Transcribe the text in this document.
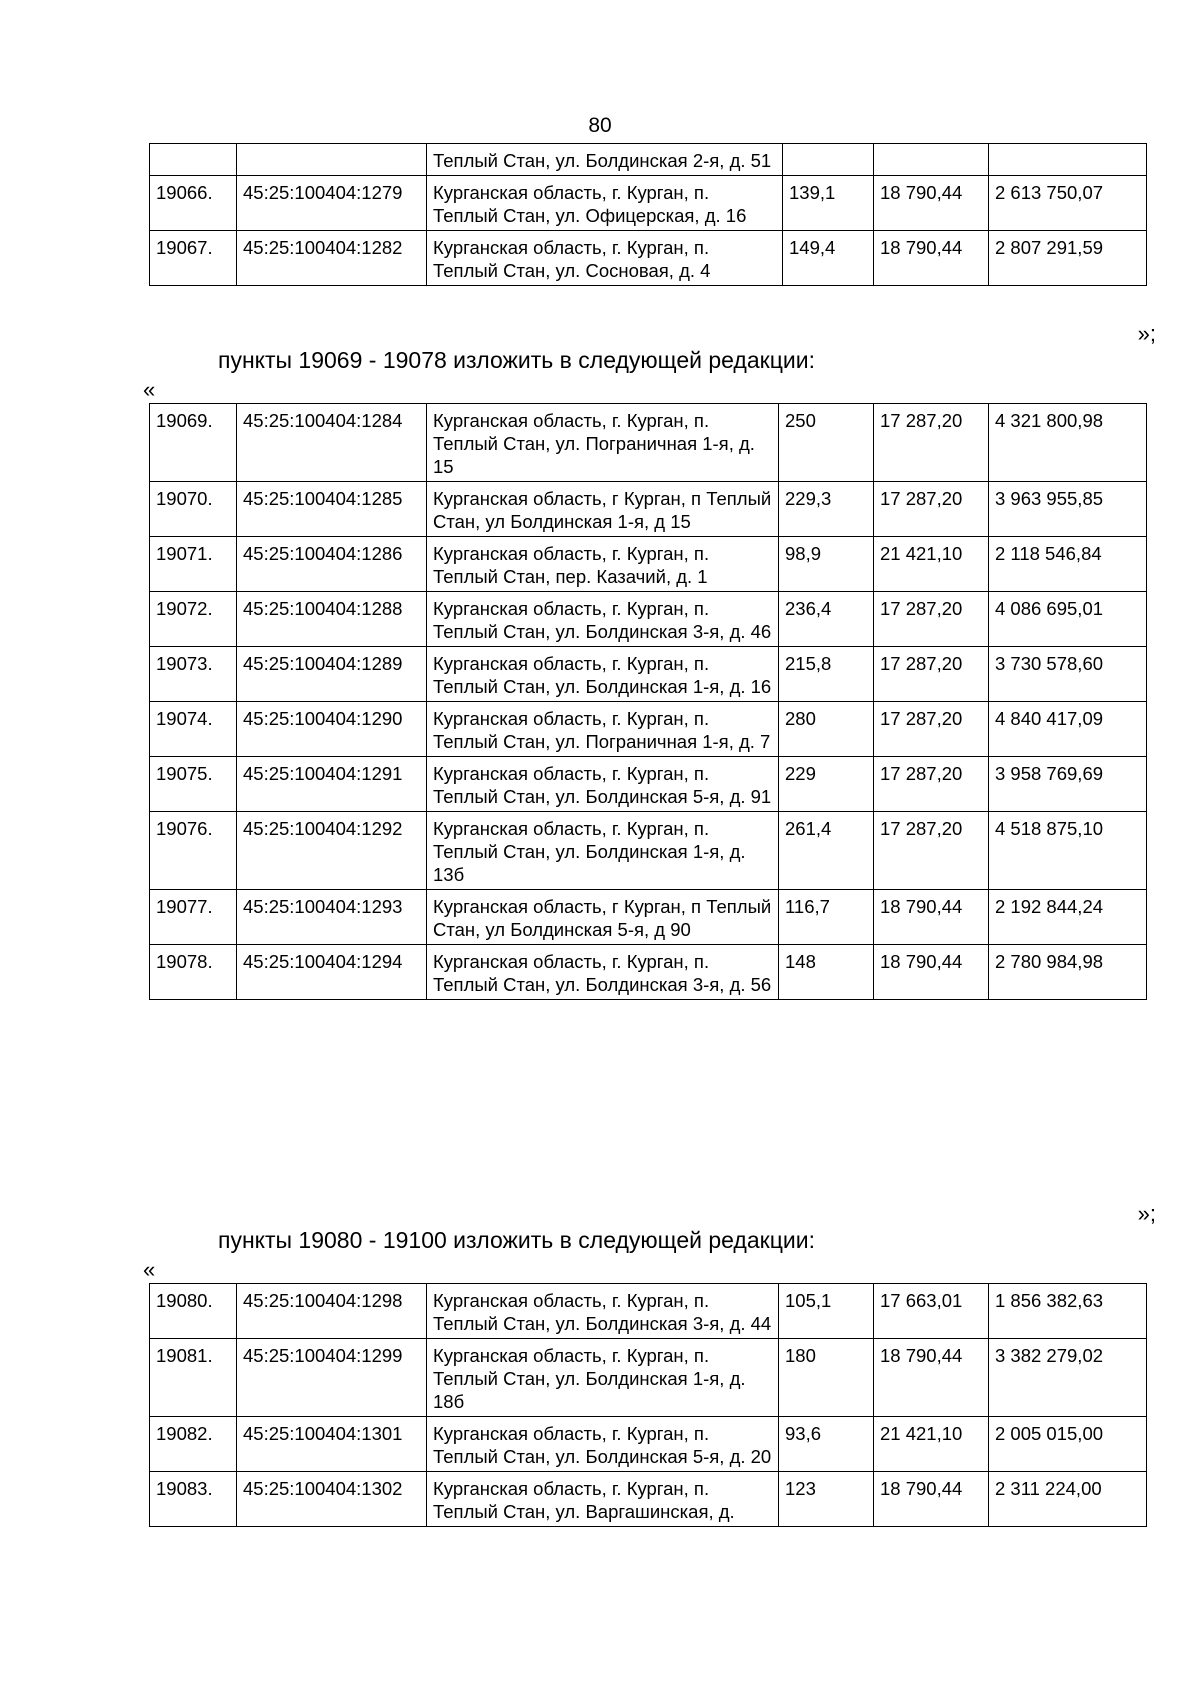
80
		Теплый Стан, ул. Болдинская 2-я, д. 51			
19066.	45:25:100404:1279	Курганская область, г. Курган, п. Теплый Стан, ул. Офицерская, д. 16	139,1	18 790,44	2 613 750,07
19067.	45:25:100404:1282	Курганская область, г. Курган, п. Теплый Стан, ул. Сосновая, д. 4	149,4	18 790,44	2 807 291,59
»;
пункты 19069 - 19078 изложить в следующей редакции:
«
19069.	45:25:100404:1284	Курганская область, г. Курган, п. Теплый Стан, ул. Пограничная 1-я, д. 15	250	17 287,20	4 321 800,98
19070.	45:25:100404:1285	Курганская область, г Курган, п Теплый Стан, ул Болдинская 1-я, д 15	229,3	17 287,20	3 963 955,85
19071.	45:25:100404:1286	Курганская область, г. Курган, п. Теплый Стан, пер. Казачий, д. 1	98,9	21 421,10	2 118 546,84
19072.	45:25:100404:1288	Курганская область, г. Курган, п. Теплый Стан, ул. Болдинская 3-я, д. 46	236,4	17 287,20	4 086 695,01
19073.	45:25:100404:1289	Курганская область, г. Курган, п. Теплый Стан, ул. Болдинская 1-я, д. 16	215,8	17 287,20	3 730 578,60
19074.	45:25:100404:1290	Курганская область, г. Курган, п. Теплый Стан, ул. Пограничная 1-я, д. 7	280	17 287,20	4 840 417,09
19075.	45:25:100404:1291	Курганская область, г. Курган, п. Теплый Стан, ул. Болдинская 5-я, д. 91	229	17 287,20	3 958 769,69
19076.	45:25:100404:1292	Курганская область, г. Курган, п. Теплый Стан, ул. Болдинская 1-я, д. 13б	261,4	17 287,20	4 518 875,10
19077.	45:25:100404:1293	Курганская область, г Курган, п Теплый Стан, ул Болдинская 5-я, д 90	116,7	18 790,44	2 192 844,24
19078.	45:25:100404:1294	Курганская область, г. Курган, п. Теплый Стан, ул. Болдинская 3-я, д. 56	148	18 790,44	2 780 984,98
»;
пункты 19080 - 19100 изложить в следующей редакции:
«
19080.	45:25:100404:1298	Курганская область, г. Курган, п. Теплый Стан, ул. Болдинская 3-я, д. 44	105,1	17 663,01	1 856 382,63
19081.	45:25:100404:1299	Курганская область, г. Курган, п. Теплый Стан, ул. Болдинская 1-я, д. 18б	180	18 790,44	3 382 279,02
19082.	45:25:100404:1301	Курганская область, г. Курган, п. Теплый Стан, ул. Болдинская 5-я, д. 20	93,6	21 421,10	2 005 015,00
19083.	45:25:100404:1302	Курганская область, г. Курган, п. Теплый Стан, ул. Варгашинская, д.	123	18 790,44	2 311 224,00
